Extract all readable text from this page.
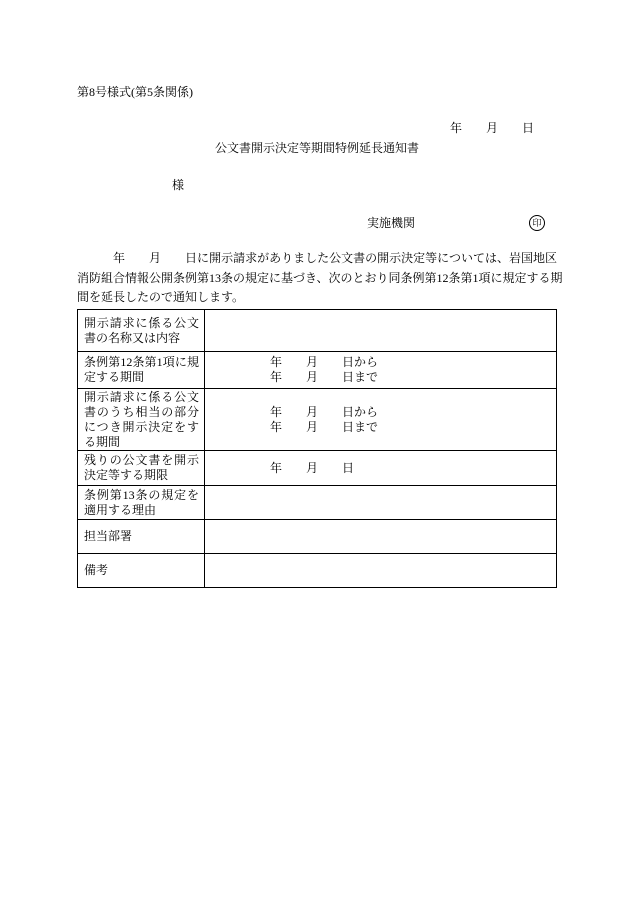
第8号様式(第5条関係)
年　　月　　日
公文書開示決定等期間特例延長通知書
様
実施機関	印
　　　年　　月　　日に開示請求がありました公文書の開示決定等については、岩国地区
消防組合情報公開条例第13条の規定に基づき、次のとおり同条例第12条第1項に規定する期
間を延長したので通知します。
開示請求に係る公文
書の名称又は内容
条例第12条第1項に規
定する期間
年　　月　　日から
年　　月　　日まで
開示請求に係る公文
書のうち相当の部分
につき開示決定をす
る期間
年　　月　　日から
年　　月　　日まで
残りの公文書を開示
決定等する期限
年　　月　　日
条例第13条の規定を
適用する理由
担当部署
備考
